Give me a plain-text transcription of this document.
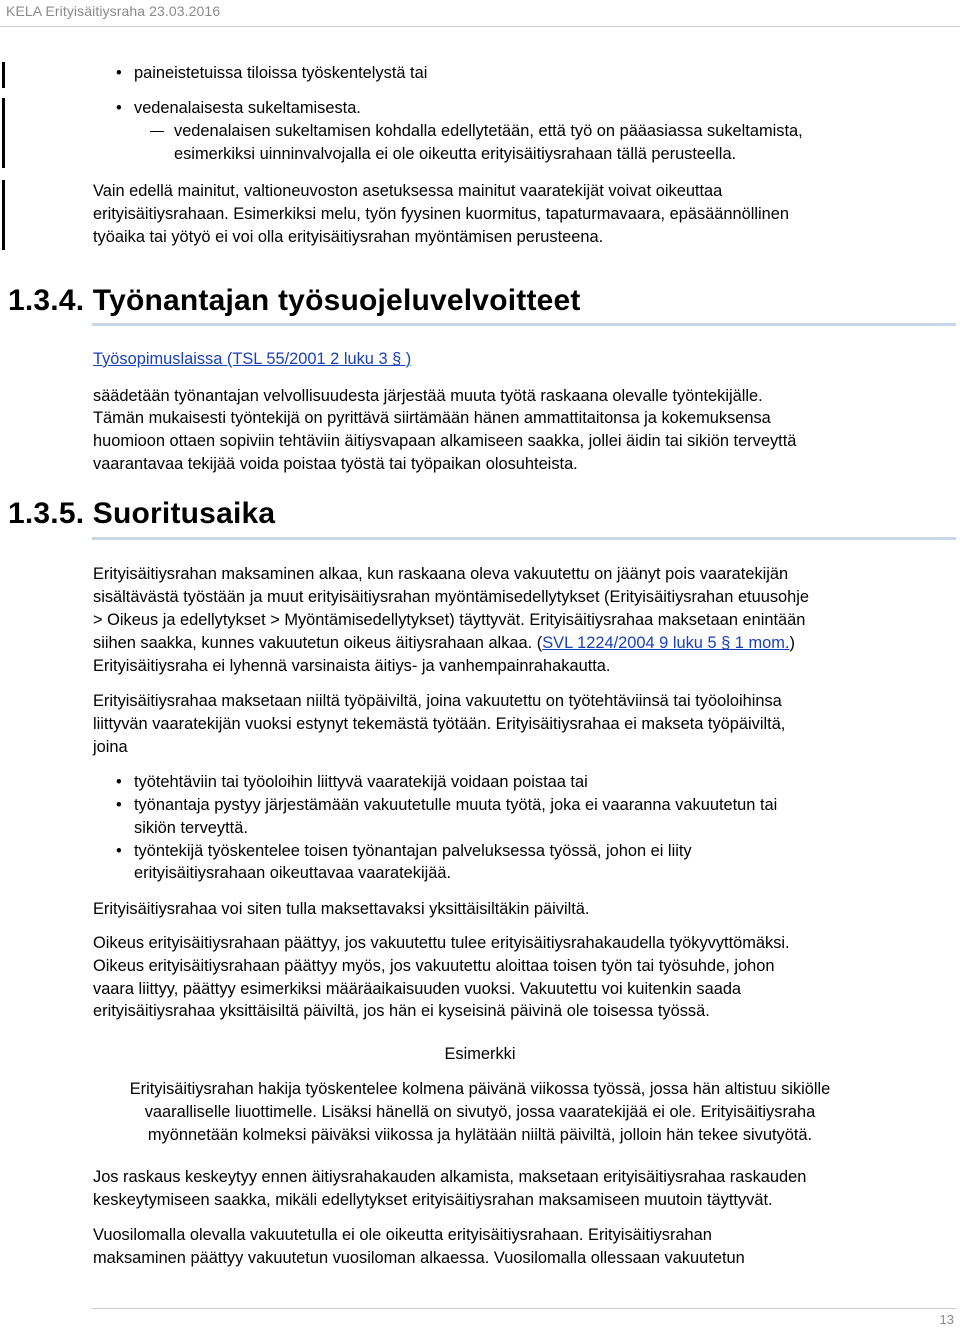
KELA Erityisäitiysraha 23.03.2016
• paineistetuissa tiloissa työskentelystä tai
• vedenalaisesta sukeltamisesta.
vedenalaisen sukeltamisen kohdalla edellytetään, että työ on pääasiassa sukeltamista,
esimerkiksi uinninvalvojalla ei ole oikeutta erityisäitiysrahaan tällä perusteella.
Vain edellä mainitut, valtioneuvoston asetuksessa mainitut vaaratekijät voivat oikeuttaa
erityisäitiysrahaan. Esimerkiksi melu, työn fyysinen kuormitus, tapaturmavaara, epäsäännöllinen
työaika tai yötyö ei voi olla erityisäitiysrahan myöntämisen perusteena.
1.3.4. Työnantajan työsuojeluvelvoitteet
Työsopimuslaissa (TSL 55/2001 2 luku 3 § )
säädetään työnantajan velvollisuudesta järjestää muuta työtä raskaana olevalle työntekijälle.
Tämän mukaisesti työntekijä on pyrittävä siirtämään hänen ammattitaitonsa ja kokemuksensa
huomioon ottaen sopiviin tehtäviin äitiysvapaan alkamiseen saakka, jollei äidin tai sikiön terveyttä
vaarantavaa tekijää voida poistaa työstä tai työpaikan olosuhteista.
1.3.5. Suoritusaika
Erityisäitiysrahan maksaminen alkaa, kun raskaana oleva vakuutettu on jäänyt pois vaaratekijän
sisältävästä työstään ja muut erityisäitiysrahan myöntämisedellytykset (Erityisäitiysrahan etuusohje
> Oikeus ja edellytykset > Myöntämisedellytykset) täyttyvät. Erityisäitiysrahaa maksetaan enintään
siihen saakka, kunnes vakuutetun oikeus äitiysrahaan alkaa. (SVL 1224/2004 9 luku 5 § 1 mom.)
Erityisäitiysraha ei lyhennä varsinaista äitiys- ja vanhempainrahakautta.
Erityisäitiysrahaa maksetaan niiltä työpäiviltä, joina vakuutettu on työtehtäviinsä tai työoloihinsa
liittyvän vaaratekijän vuoksi estynyt tekemästä työtään. Erityisäitiysrahaa ei makseta työpäiviltä,
joina
• työtehtäviin tai työoloihin liittyvä vaaratekijä voidaan poistaa tai
• työnantaja pystyy järjestämään vakuutetulle muuta työtä, joka ei vaaranna vakuutetun tai
sikiön terveyttä.
• työntekijä työskentelee toisen työnantajan palveluksessa työssä, johon ei liity
erityisäitiysrahaan oikeuttavaa vaaratekijää.
Erityisäitiysrahaa voi siten tulla maksettavaksi yksittäisiltäkin päiviltä.
Oikeus erityisäitiysrahaan päättyy, jos vakuutettu tulee erityisäitiysrahakaudella työkyvyttömäksi.
Oikeus erityisäitiysrahaan päättyy myös, jos vakuutettu aloittaa toisen työn tai työsuhde, johon
vaara liittyy, päättyy esimerkiksi määräaikaisuuden vuoksi. Vakuutettu voi kuitenkin saada
erityisäitiysrahaa yksittäisiltä päiviltä, jos hän ei kyseisinä päivinä ole toisessa työssä.
Esimerkki
Erityisäitiysrahan hakija työskentelee kolmena päivänä viikossa työssä, jossa hän altistuu sikiölle
vaaralliselle liuottimelle. Lisäksi hänellä on sivutyö, jossa vaaratekijää ei ole. Erityisäitiysraha
myönnetään kolmeksi päiväksi viikossa ja hylätään niiltä päiviltä, jolloin hän tekee sivutyötä.
Jos raskaus keskeytyy ennen äitiysrahakauden alkamista, maksetaan erityisäitiysrahaa raskauden
keskeytymiseen saakka, mikäli edellytykset erityisäitiysrahan maksamiseen muutoin täyttyvät.
Vuosilomalla olevalla vakuutetulla ei ole oikeutta erityisäitiysrahaan. Erityisäitiysrahan
maksaminen päättyy vakuutetun vuosiloman alkaessa. Vuosilomalla ollessaan vakuutetun
13
